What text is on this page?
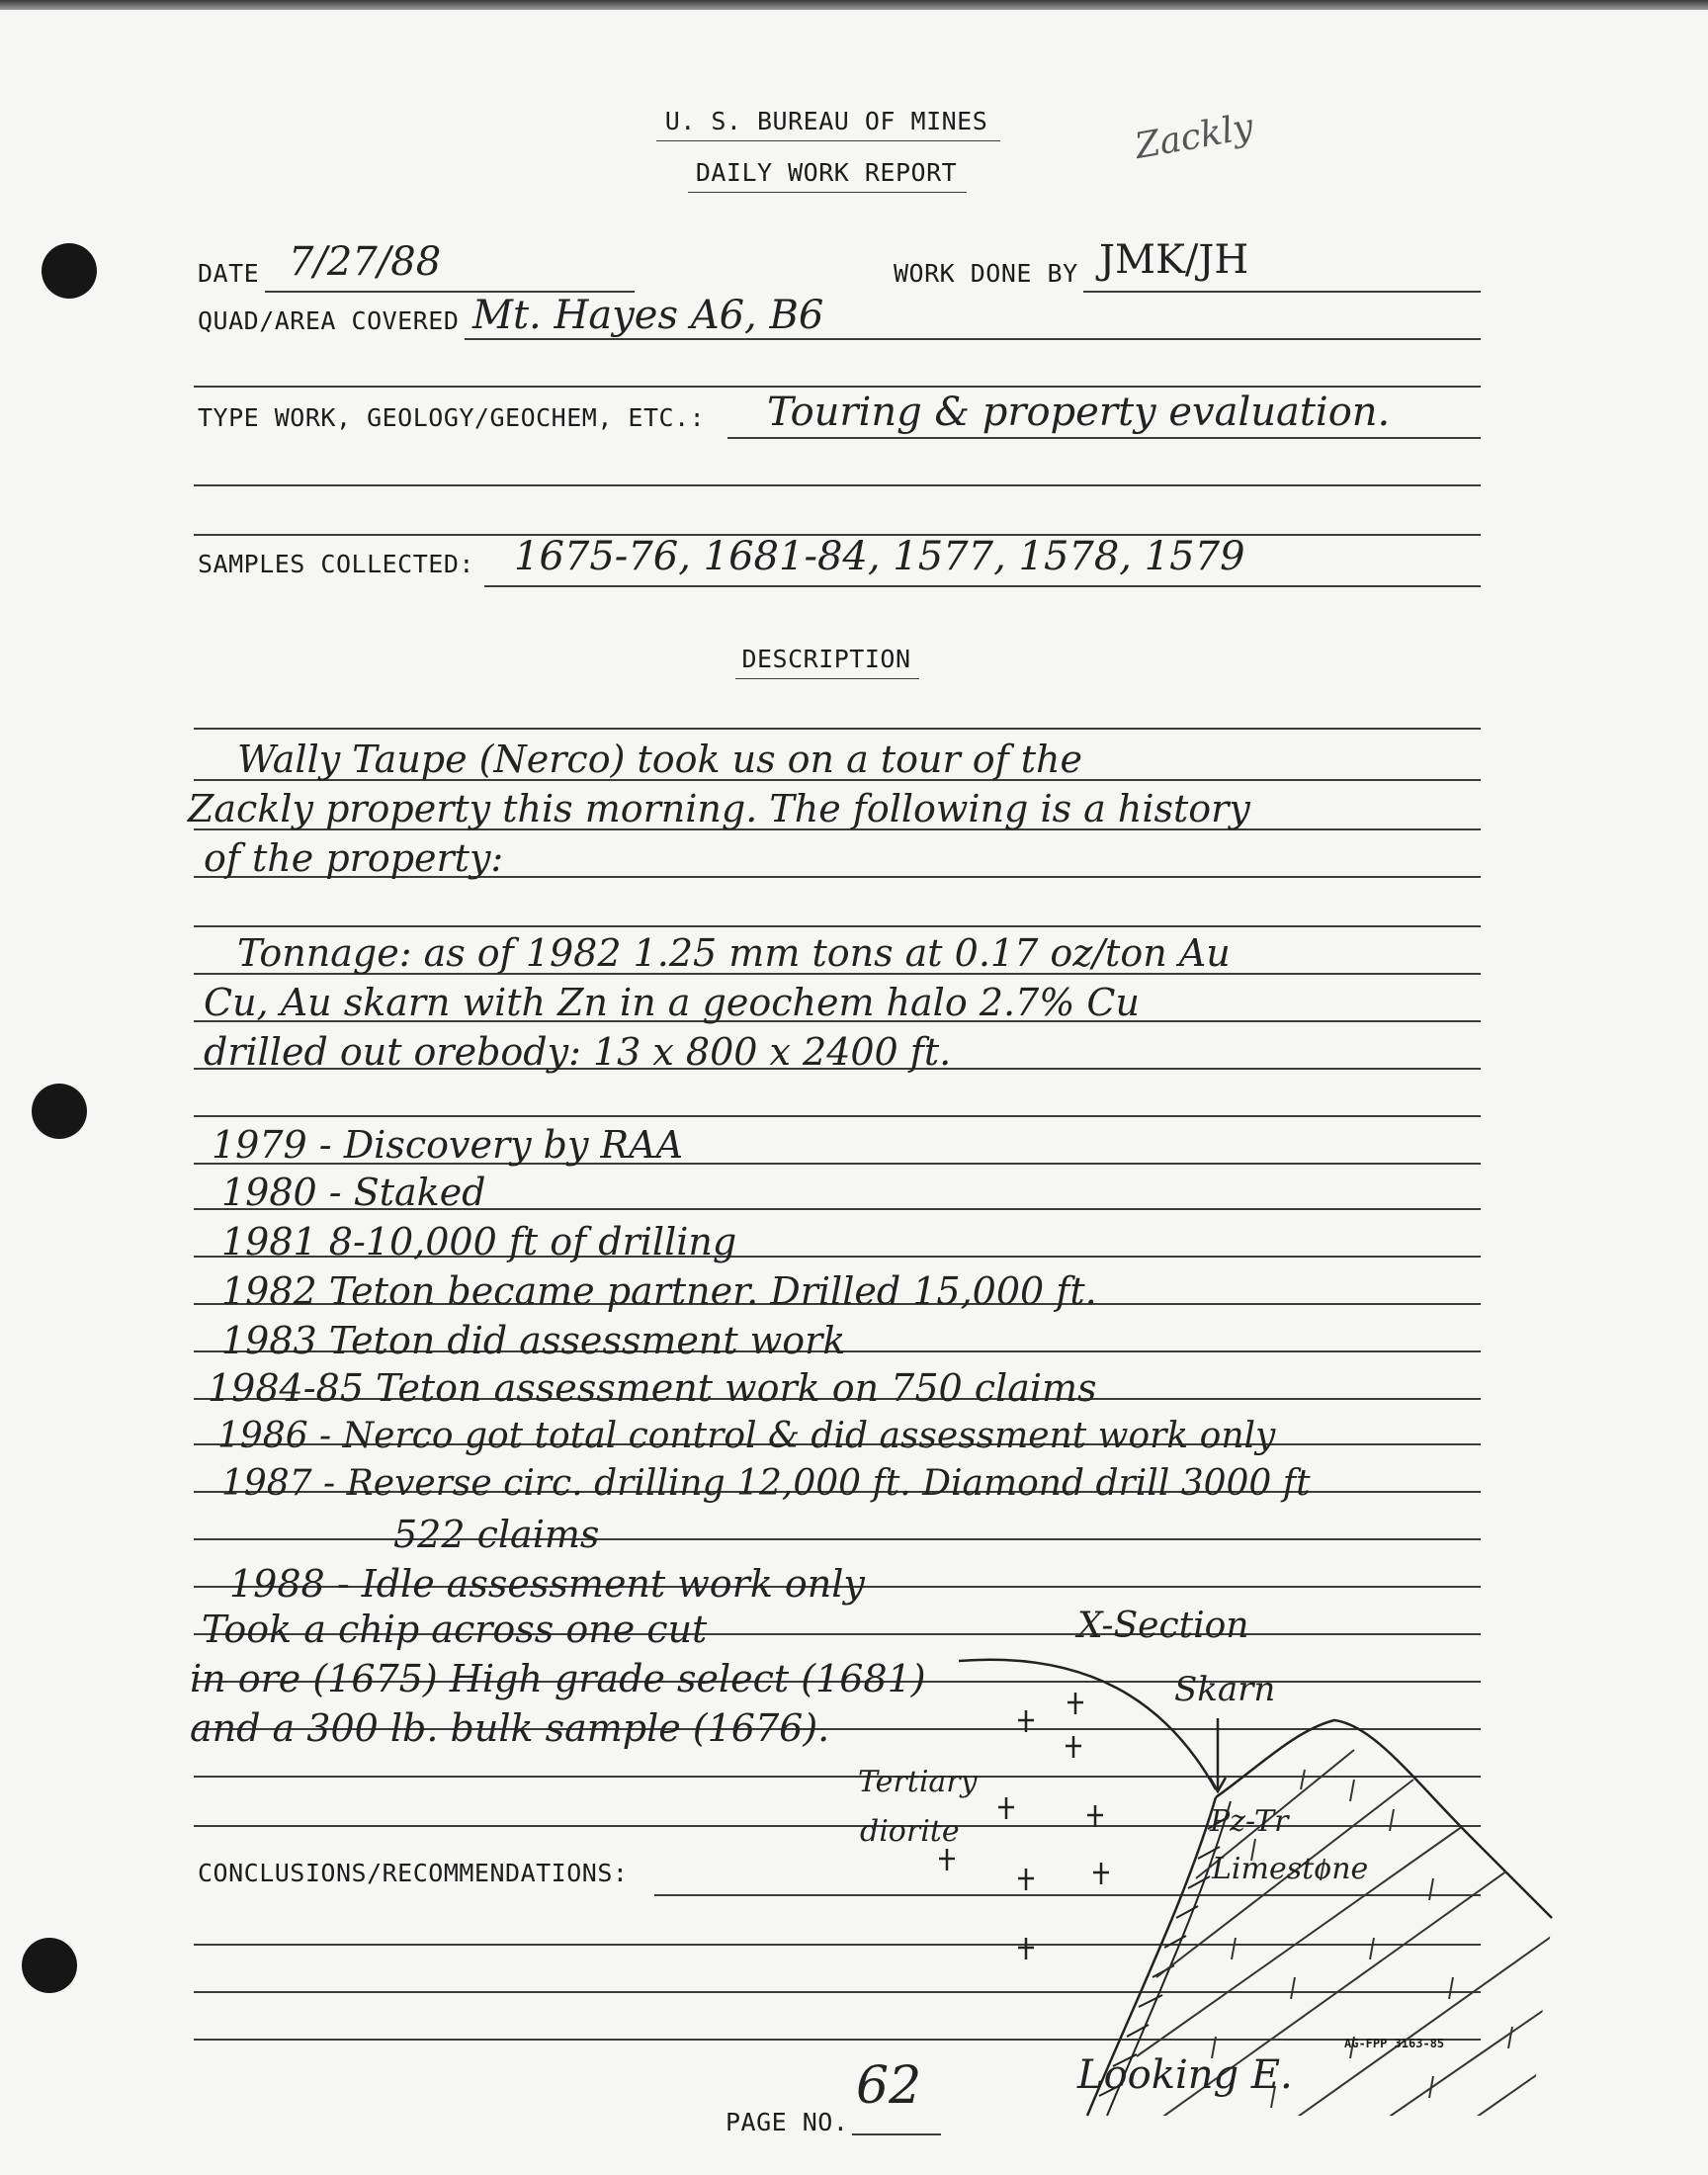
U. S. BUREAU OF MINES
DAILY WORK REPORT
Zackly
DATE 7/27/88	WORK DONE BY JMK/JH
QUAD/AREA COVERED Mt. Hayes A6, B6
TYPE WORK, GEOLOGY/GEOCHEM, ETC.: Touring & property evaluation.
SAMPLES COLLECTED: 1675-76, 1681-84, 1577, 1578, 1579
DESCRIPTION
Wally Taupe (Nerco) took us on a tour of the
Zackly property this morning. The following is a history
of the property:
Tonnage: as of 1982 1.25 mm tons at 0.17 oz/ton Au
Cu, Au skarn with Zn in a geochem halo 2.7% Cu
drilled out orebody: 13 x 800 x 2400 ft.
1979 - Discovery by RAA
1980 - Staked
1981 8-10,000 ft of drilling
1982 Teton became partner. Drilled 15,000 ft.
1983 Teton did assessment work
1984-85 Teton assessment work on 750 claims
1986 - Nerco got total control & did assessment work only
1987 - Reverse circ. drilling 12,000 ft. Diamond drill 3000 ft
522 claims
1988 - Idle assessment work only
Took a chip across one cut
in ore (1675) High grade select (1681)
and a 300 lb. bulk sample (1676).
CONCLUSIONS/RECOMMENDATIONS:
X-Section
Skarn
Tertiary
diorite	Pz-Tr
Limestone
Looking E.
AG-FPP 3163-85
PAGE NO.
62
